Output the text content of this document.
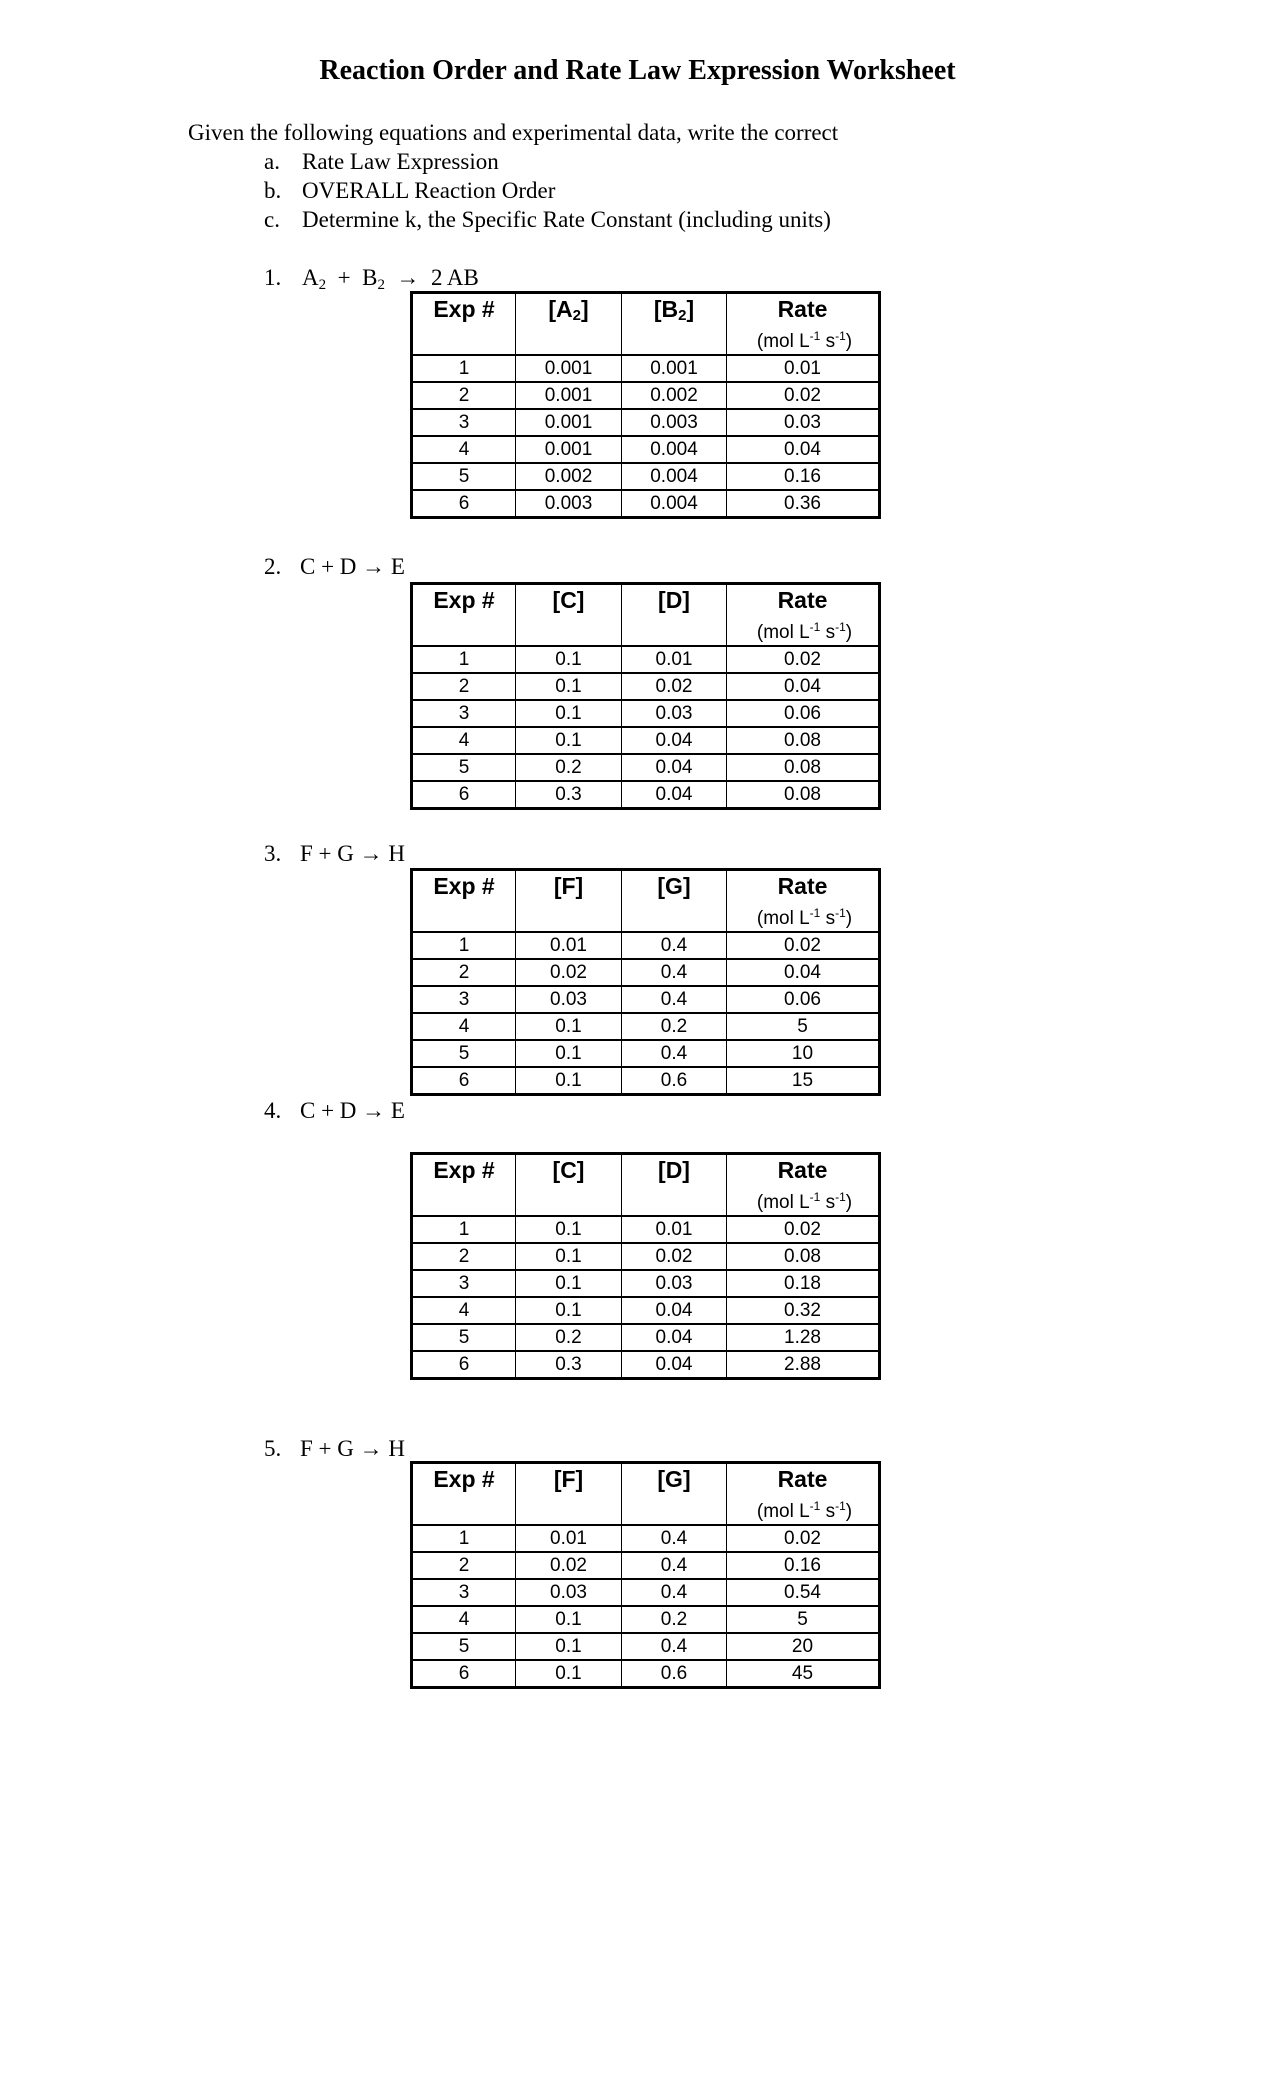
Reaction Order and Rate Law Expression Worksheet
Given the following equations and experimental data, write the correct
a. Rate Law Expression
b. OVERALL Reaction Order
c. Determine k, the Specific Rate Constant (including units)
1. $A_2 + B_2 \to 2$ AB
Exp #	$[A_2]$	$[B_2]$	Rate
(mol $L^{-1}$ $s^{-1}$)

1	0.001	0.001	0.01
2	0.001	0.002	0.02
3	0.001	0.003	0.03
4	0.001	0.004	0.04
5	0.002	0.004	0.16
6	0.003	0.004	0.36
2. C + D → E
Exp #	[C]	[D]	Rate
(mol $L^{-1}$ $s^{-1}$)

1	0.1	0.01	0.02
2	0.1	0.02	0.04
3	0.1	0.03	0.06
4	0.1	0.04	0.08
5	0.2	0.04	0.08
6	0.3	0.04	0.08
3. F + G → H
Exp #	[F]	[G]	Rate
(mol $L^{-1}$ $s^{-1}$)

1	0.01	0.4	0.02
2	0.02	0.4	0.04
3	0.03	0.4	0.06
4	0.1	0.2	5
5	0.1	0.4	10
6	0.1	0.6	15
4. C + D → E
Exp #	[C]	[D]	Rate
(mol $L^{-1}$ $s^{-1}$)

1	0.1	0.01	0.02
2	0.1	0.02	0.08
3	0.1	0.03	0.18
4	0.1	0.04	0.32
5	0.2	0.04	1.28
6	0.3	0.04	2.88
5. F + G → H
Exp #	[F]	[G]	Rate
(mol $L^{-1}$ $s^{-1}$)

1	0.01	0.4	0.02
2	0.02	0.4	0.16
3	0.03	0.4	0.54
4	0.1	0.2	5
5	0.1	0.4	20
6	0.1	0.6	45
